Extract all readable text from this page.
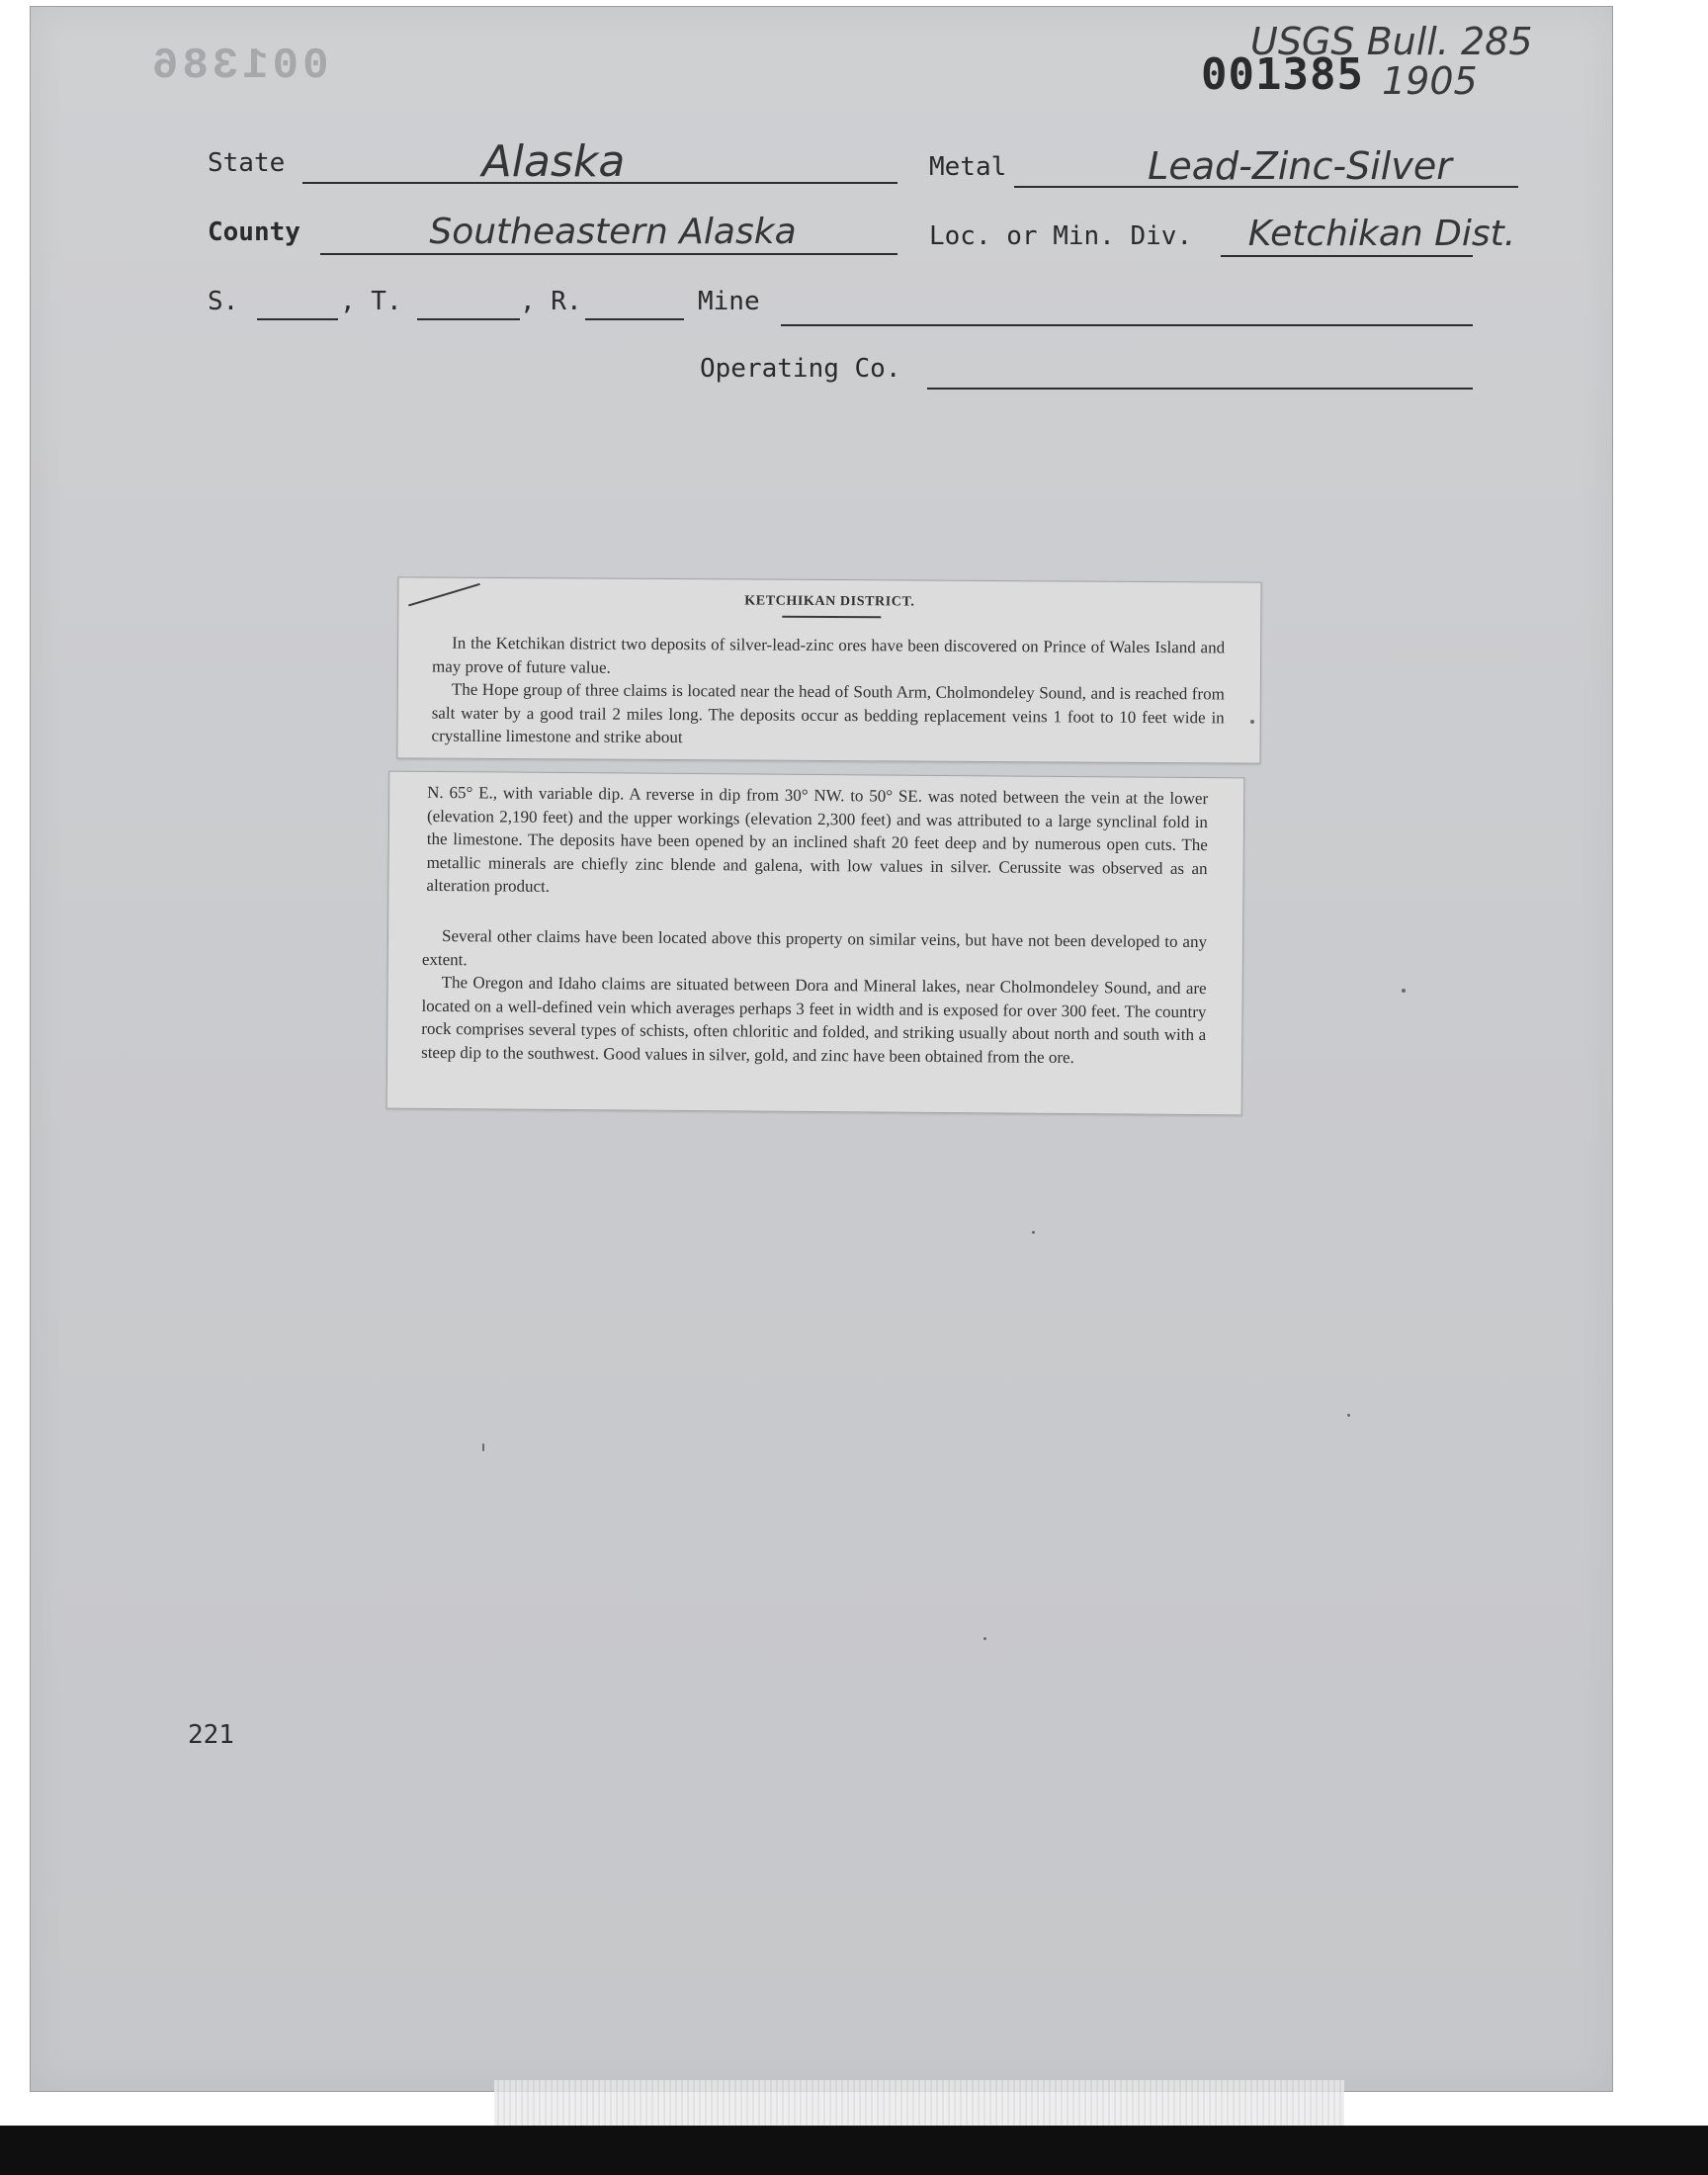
001386	001385
USGS Bull. 285
1905
State	Alaska	Metal	Lead-Zinc-Silver
County	Southeastern Alaska	Loc. or Min. Div.	Ketchikan Dist.
S.	, T.	, R.	Mine
Operating Co.
KETCHIKAN DISTRICT.
In the Ketchikan district two deposits of silver-lead-zinc ores have been discovered on Prince of Wales Island and may prove of future value.
The Hope group of three claims is located near the head of South Arm, Cholmondeley Sound, and is reached from salt water by a good trail 2 miles long. The deposits occur as bedding replacement veins 1 foot to 10 feet wide in crystalline limestone and strike about
N. 65° E., with variable dip. A reverse in dip from 30° NW. to 50° SE. was noted between the vein at the lower (elevation 2,190 feet) and the upper workings (elevation 2,300 feet) and was attributed to a large synclinal fold in the limestone. The deposits have been opened by an inclined shaft 20 feet deep and by numerous open cuts. The metallic minerals are chiefly zinc blende and galena, with low values in silver. Cerussite was observed as an alteration product.
Several other claims have been located above this property on similar veins, but have not been developed to any extent.
The Oregon and Idaho claims are situated between Dora and Mineral lakes, near Cholmondeley Sound, and are located on a well-defined vein which averages perhaps 3 feet in width and is exposed for over 300 feet. The country rock comprises several types of schists, often chloritic and folded, and striking usually about north and south with a steep dip to the southwest. Good values in silver, gold, and zinc have been obtained from the ore.
221
